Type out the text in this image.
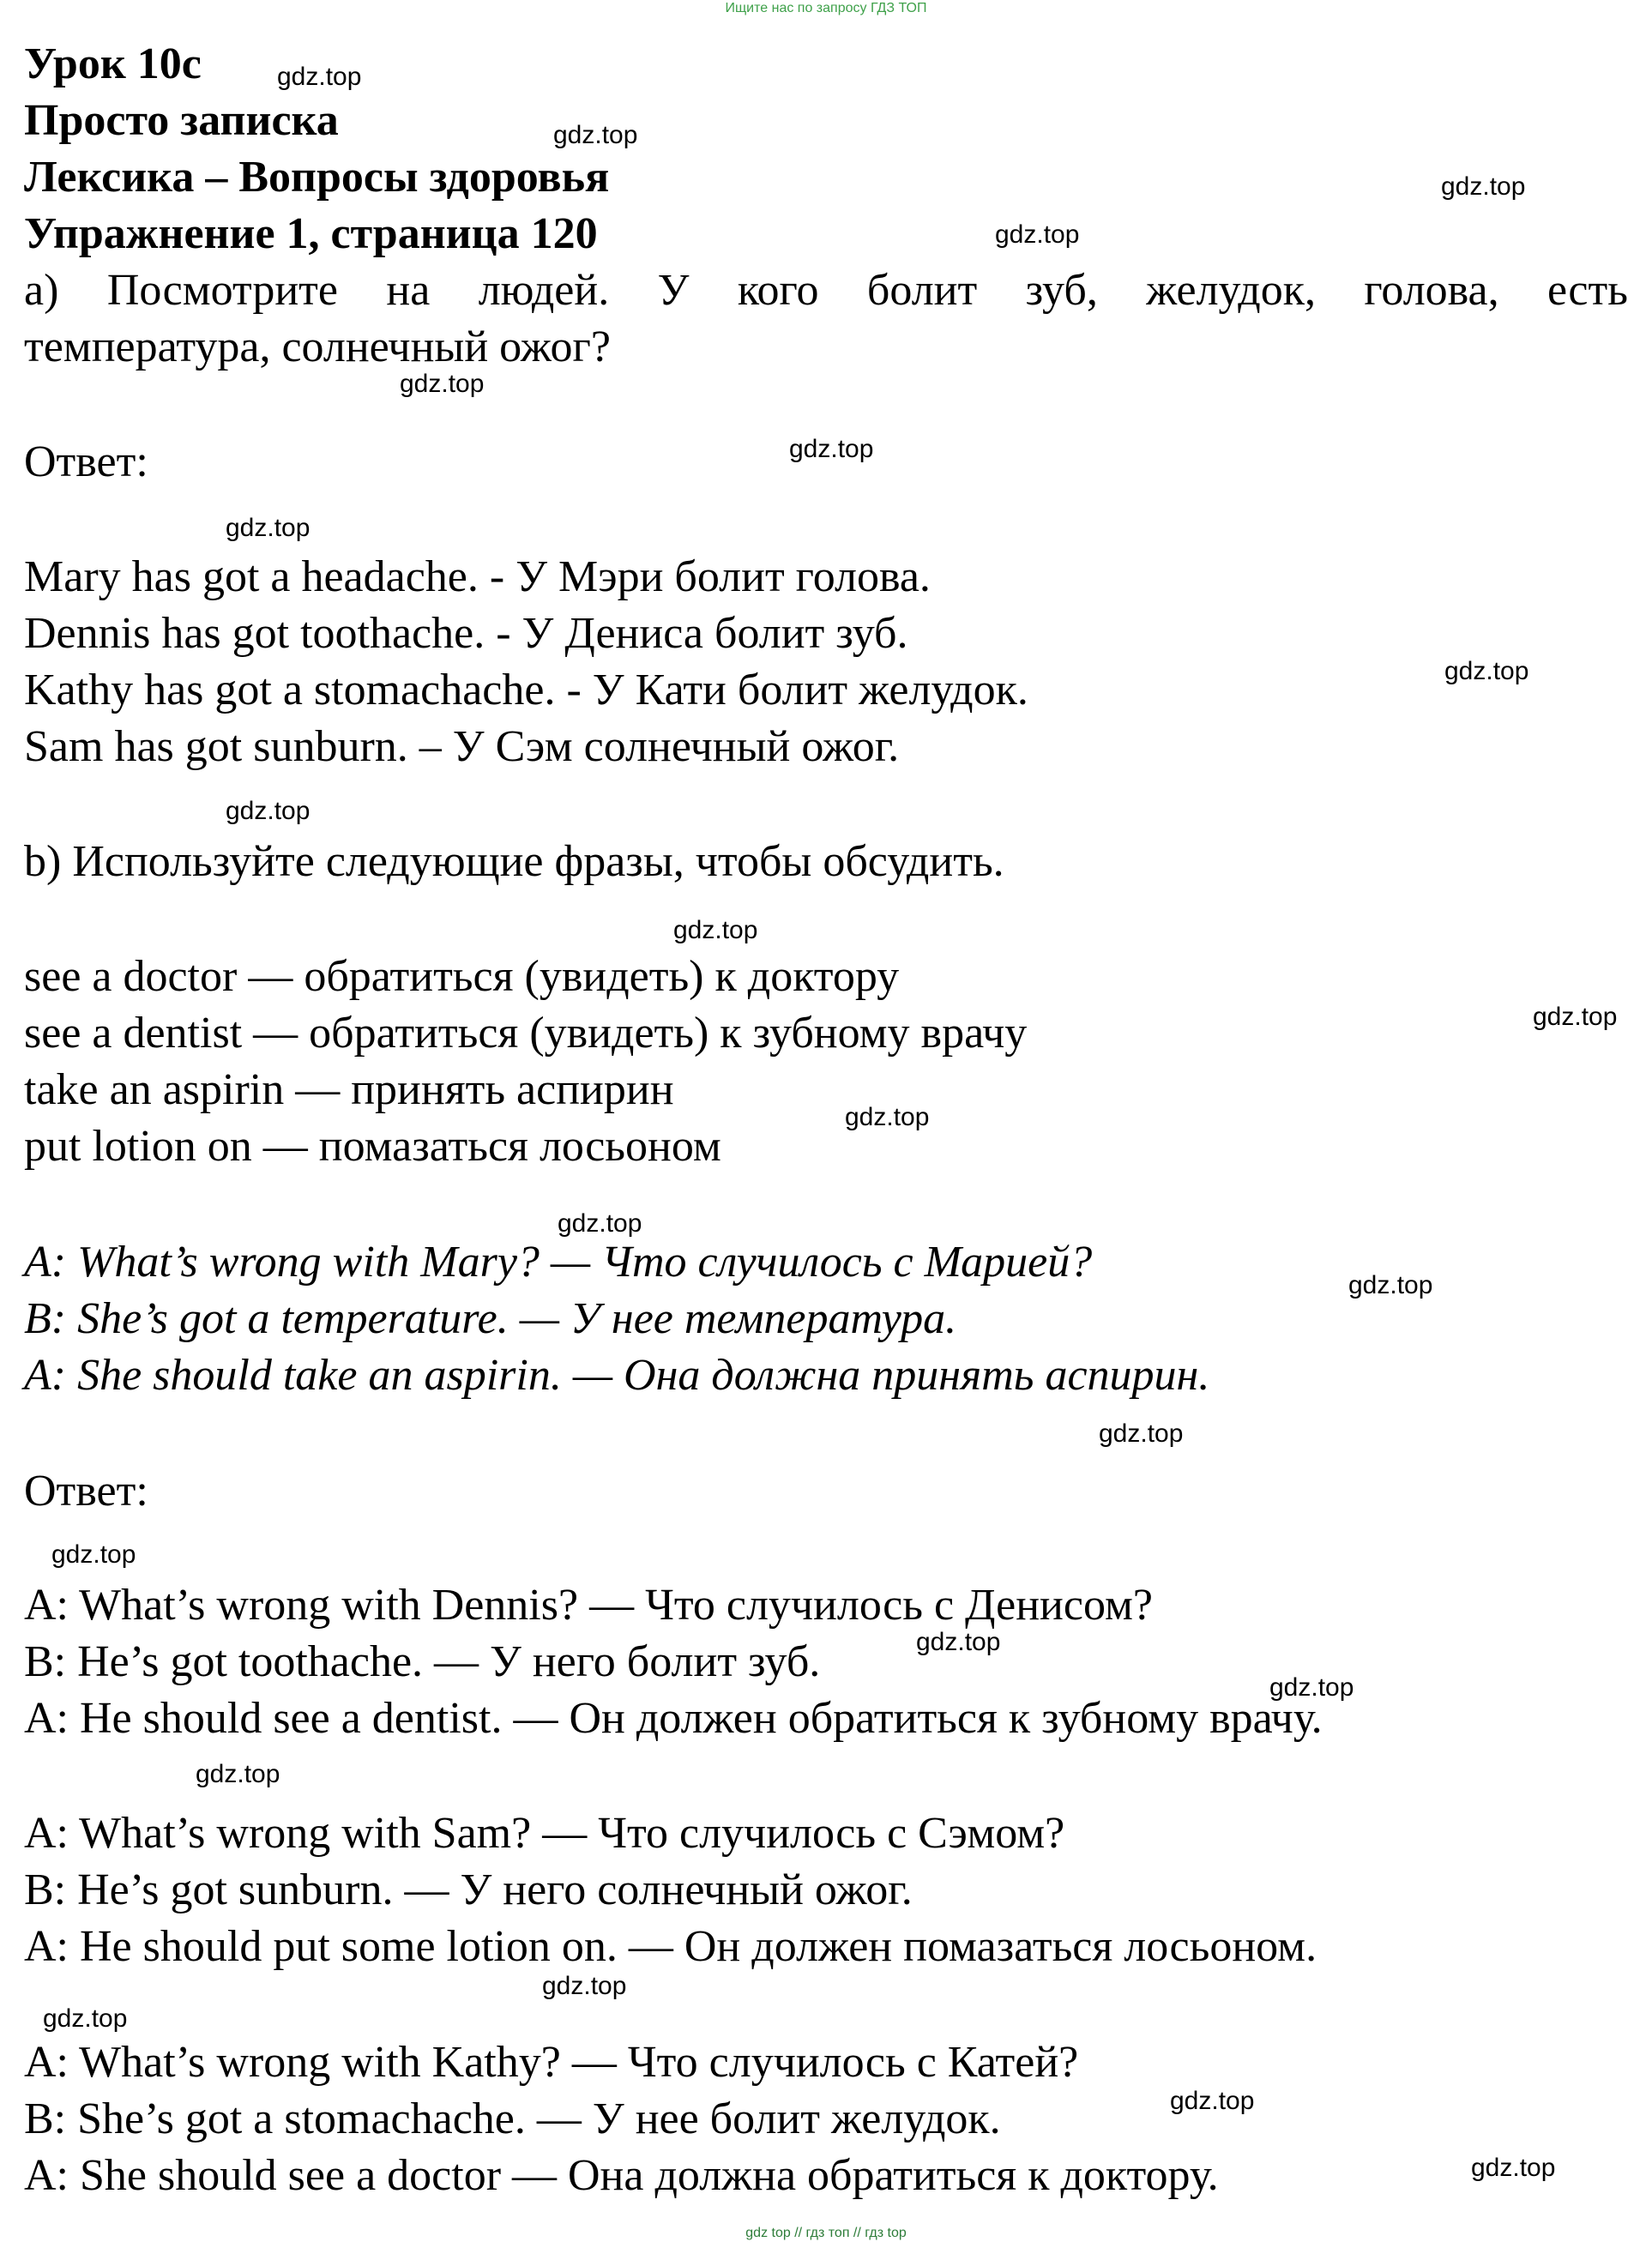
Ищите нас по запросу ГДЗ ТОП
gdz top // гдз топ // гдз top
Урок 10с
Просто записка
Лексика – Вопросы здоровья
Упражнение 1, страница 120
а) Посмотрите на людей. У кого болит зуб, желудок, голова, есть
температура, солнечный ожог?
Ответ:
Mary has got a headache. - У Мэри болит голова.
Dennis has got toothache. - У Дениса болит зуб.
Kathy has got a stomachache. - У Кати болит желудок.
Sam has got sunburn. – У Сэм солнечный ожог.
b) Используйте следующие фразы, чтобы обсудить.
see a doctor — обратиться (увидеть) к доктору
see a dentist — обратиться (увидеть) к зубному врачу
take an aspirin — принять аспирин
put lotion on — помазаться лосьоном
A: What’s wrong with Mary? — Что случилось с Марией?
B: She’s got a temperature. — У нее температура.
A: She should take an aspirin. — Она должна принять аспирин.
Ответ:
A: What’s wrong with Dennis? — Что случилось с Денисом?
B: He’s got toothache. — У него болит зуб.
A: He should see a dentist. — Он должен обратиться к зубному врачу.
A: What’s wrong with Sam? — Что случилось с Сэмом?
B: He’s got sunburn. — У него солнечный ожог.
A: He should put some lotion on. — Он должен помазаться лосьоном.
A: What’s wrong with Kathy? — Что случилось с Катей?
B: She’s got a stomachache. — У нее болит желудок.
A: She should see a doctor — Она должна обратиться к доктору.
gdz.top
gdz.top
gdz.top
gdz.top
gdz.top
gdz.top
gdz.top
gdz.top
gdz.top
gdz.top
gdz.top
gdz.top
gdz.top
gdz.top
gdz.top
gdz.top
gdz.top
gdz.top
gdz.top
gdz.top
gdz.top
gdz.top
gdz.top
